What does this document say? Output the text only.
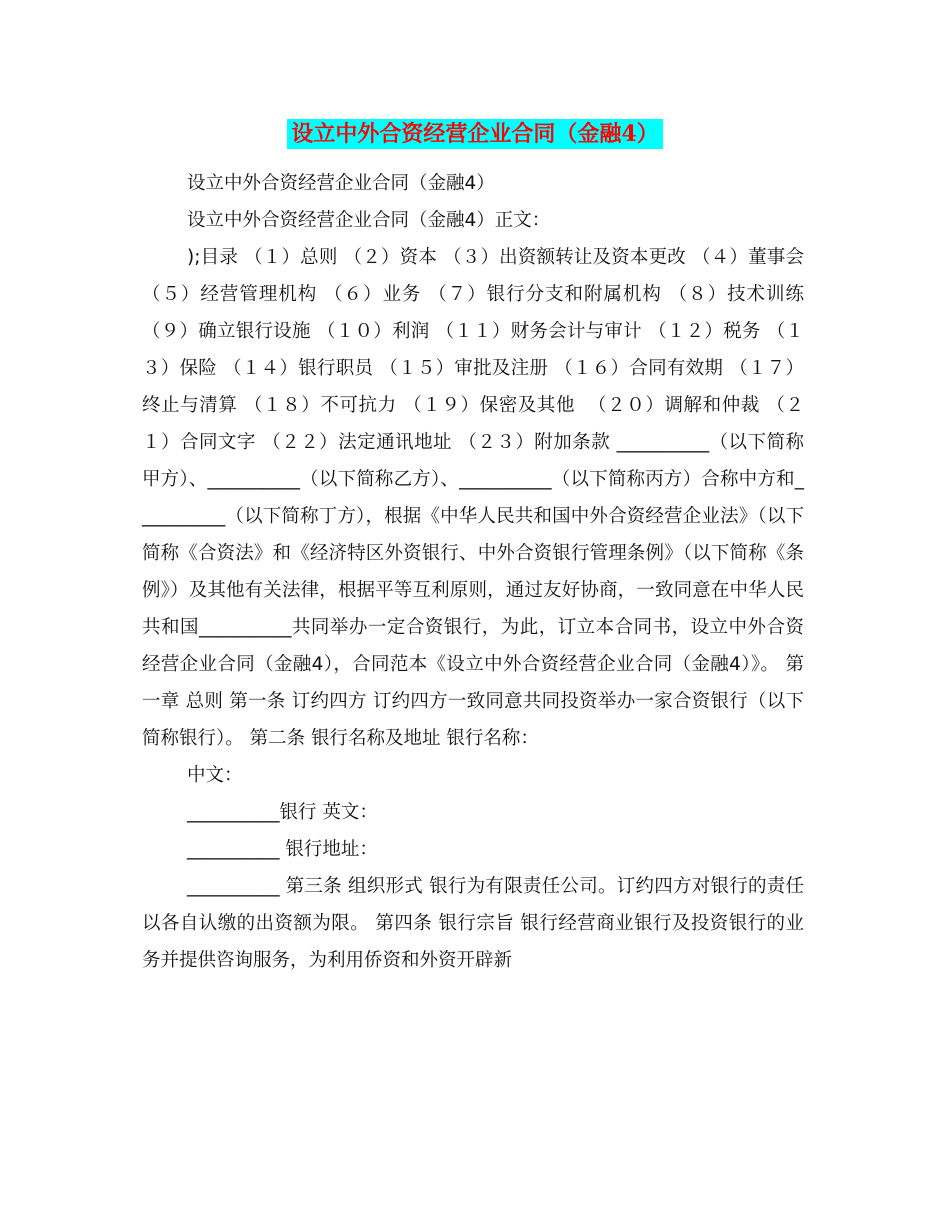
设立中外合资经营企业合同（金融4）

设立中外合资经营企业合同（金融4）

设立中外合资经营企业合同（金融4）正文：

);目录 （１）总则 （２）资本 （３）出资额转让及资本更改 （４）董事会 （５）经营管理机构 （６）业务 （７）银行分支和附属机构 （８）技术训练 （９）确立银行设施 （１０）利润 （１１）财务会计与审计 （１２）税务 （１３）保险 （１４）银行职员 （１５）审批及注册 （１６）合同有效期 （１７）终止与清算 （１８）不可抗力 （１９）保密及其他  （２０）调解和仲裁 （２１）合同文字 （２２）法定通讯地址 （２３）附加条款 __________（以下简称甲方）、__________（以下简称乙方）、__________（以下简称丙方）合称中方和__________（以下简称丁方），根据《中华人民共和国中外合资经营企业法》（以下简称《合资法》和《经济特区外资银行、中外合资银行管理条例》（以下简称《条例》）及其他有关法律，根据平等互利原则，通过友好协商，一致同意在中华人民共和国__________共同举办一定合资银行，为此，订立本合同书，设立中外合资经营企业合同（金融4），合同范本《设立中外合资经营企业合同（金融4）》。 第一章 总则 第一条 订约四方 订约四方一致同意共同投资举办一家合资银行（以下简称银行）。 第二条 银行名称及地址 银行名称：

中文：

__________银行 英文：

__________ 银行地址：

__________ 第三条 组织形式 银行为有限责任公司。订约四方对银行的责任以各自认缴的出资额为限。 第四条 银行宗旨 银行经营商业银行及投资银行的业务并提供咨询服务，为利用侨资和外资开辟新
